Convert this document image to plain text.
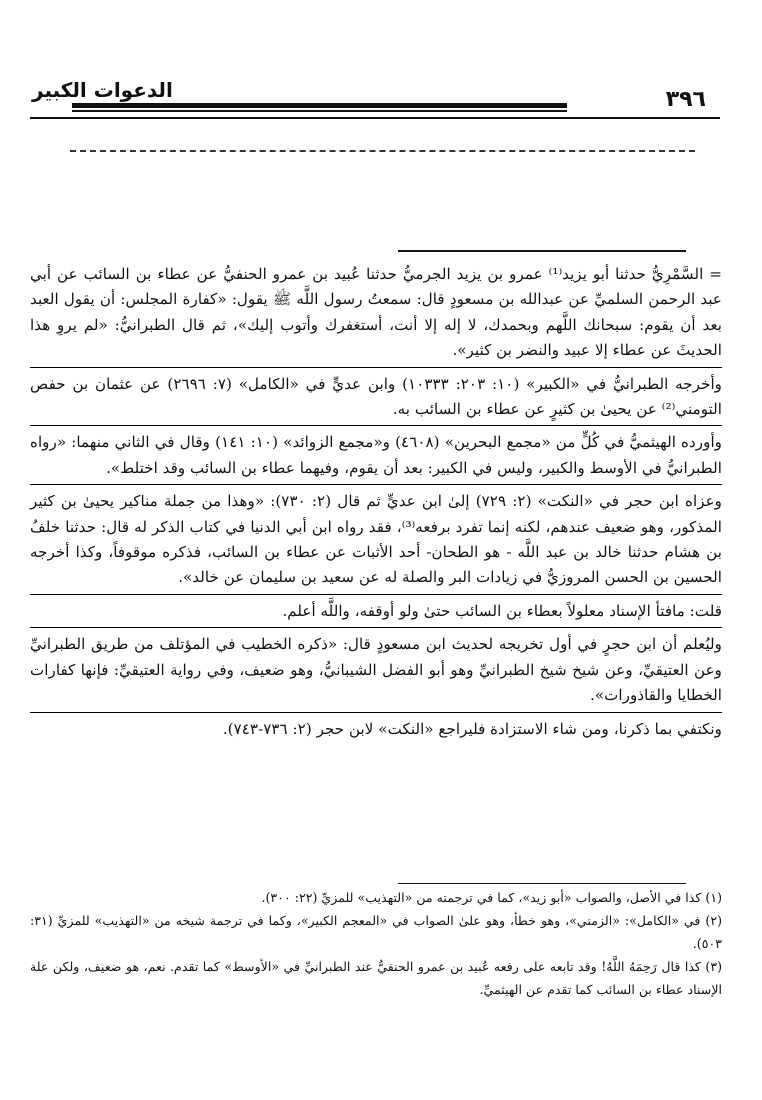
الدعوات الكبير	٣٩٦

= السَّمْرِيُّ حدثنا أبو يزيد⁽¹⁾ عمرو بن يزيد الجرميُّ حدثنا عُبيد بن عمرو الحنفيُّ عن عطاء بن السائب عن أبي عبد الرحمن السلميِّ عن عبدالله بن مسعودٍ قال: سمعتُ رسول اللَّه ﷺ يقول: «كفارة المجلس: أن يقول العبد بعد أن يقوم: سبحانك اللَّهم وبحمدك، لا إله إلا أنت، أستغفرك وأتوب إليك»، ثم قال الطبرانيُّ: «لم يروِ هذا الحديثَ عن عطاء إلا عبيد والنضر بن كثير».

وأخرجه الطبرانيُّ في «الكبير» (١٠: ٢٠٣: ١٠٣٣٣) وابن عديٍّ في «الكامل» (٧: ٢٦٩٦) عن عثمان بن حفص التومني⁽²⁾ عن يحيىٰ بن كثيرٍ عن عطاء بن السائب به.

وأورده الهيثميُّ في كُلٍّ من «مجمع البحرين» (٤٦٠٨) و«مجمع الزوائد» (١٠: ١٤١) وقال في الثاني منهما: «رواه الطبرانيُّ في الأوسط والكبير، وليس في الكبير: بعد أن يقوم، وفيهما عطاء بن السائب وقد اختلط».

وعزاه ابن حجر في «النكت» (٢: ٧٢٩) إلىٰ ابن عديٍّ ثم قال (٢: ٧٣٠): «وهذا من جملة مناكير يحيىٰ بن كثير المذكور، وهو ضعيف عندهم، لكنه إنما تفرد برفعه⁽³⁾، فقد رواه ابن أبي الدنيا في كتاب الذكر له قال: حدثنا خلفُ بن هشام حدثنا خالد بن عبد اللَّه - هو الطحان- أحد الأثبات عن عطاء بن السائب، فذكره موقوفاً، وكذا أخرجه الحسين بن الحسن المروزيُّ في زيادات البر والصلة له عن سعيد بن سليمان عن خالد».

قلت: مافتأ الإسناد معلولاً بعطاء بن السائب حتىٰ ولو أوقفه، واللَّه أعلم.

وليُعلم أن ابن حجرٍ في أول تخريجه لحديث ابن مسعودٍ قال: «ذكره الخطيب في المؤتلف من طريق الطبرانيِّ وعن العتيقيِّ، وعن شيخ شيخ الطبرانيِّ وهو أبو الفضل الشيبانيُّ، وهو ضعيف، وفي رواية العتيقيِّ: فإنها كفارات الخطايا والقاذورات».

ونكتفي بما ذكرنا، ومن شاء الاستزادة فليراجع «النكت» لابن حجر (٢: ٧٣٦-٧٤٣).

(١) كذا في الأصل، والصواب «أبو زيد»، كما في ترجمته من «التهذيب» للمزيِّ (٢٢: ٣٠٠).

(٢) في «الكامل»: «الزمني»، وهو خطأ، وهو علىٰ الصواب في «المعجم الكبير»، وكما في ترجمة شيخه من «التهذيب» للمزيِّ (٣١: ٥٠٣).

(٣) كذا قال رَحِمَهُ اللَّهُ! وقد تابعه على رفعه عُبيد بن عمرو الحنفيُّ عند الطبرانيِّ في «الأوسط» كما تقدم. نعم، هو ضعيف، ولكن علة الإسناد عطاء بن السائب كما تقدم عن الهيثميِّ.
